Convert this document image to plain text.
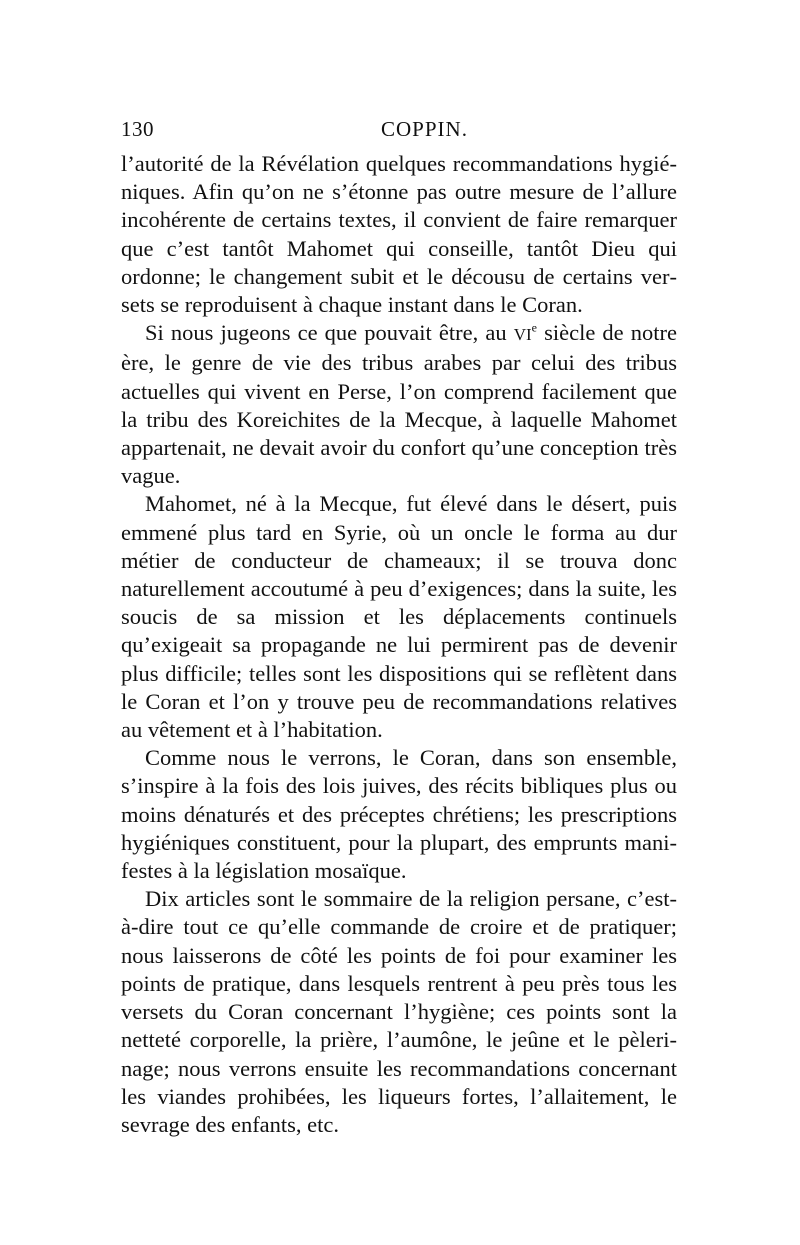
130	COPPIN.

l’autorité de la Révélation quelques recommandations hygiéniques. Afin qu’on ne s’étonne pas outre mesure de l’allure incohérente de certains textes, il convient de faire remarquer que c’est tantôt Mahomet qui conseille, tantôt Dieu qui ordonne; le changement subit et le décousu de certains versets se reproduisent à chaque instant dans le Coran.

Si nous jugeons ce que pouvait être, au VIe siècle de notre ère, le genre de vie des tribus arabes par celui des tribus actuelles qui vivent en Perse, l’on comprend facilement que la tribu des Koreichites de la Mecque, à laquelle Mahomet appartenait, ne devait avoir du confort qu’une conception très vague.

Mahomet, né à la Mecque, fut élevé dans le désert, puis emmené plus tard en Syrie, où un oncle le forma au dur métier de conducteur de chameaux; il se trouva donc naturellement accoutumé à peu d’exigences; dans la suite, les soucis de sa mission et les déplacements continuels qu’exigeait sa propagande ne lui permirent pas de devenir plus difficile; telles sont les dispositions qui se reflètent dans le Coran et l’on y trouve peu de recommandations relatives au vêtement et à l’habitation.

Comme nous le verrons, le Coran, dans son ensemble, s’inspire à la fois des lois juives, des récits bibliques plus ou moins dénaturés et des préceptes chrétiens; les prescriptions hygiéniques constituent, pour la plupart, des emprunts manifestes à la législation mosaïque.

Dix articles sont le sommaire de la religion persane, c’est-à-dire tout ce qu’elle commande de croire et de pratiquer; nous laisserons de côté les points de foi pour examiner les points de pratique, dans lesquels rentrent à peu près tous les versets du Coran concernant l’hygiène; ces points sont la netteté corporelle, la prière, l’aumône, le jeûne et le pèlerinage; nous verrons ensuite les recommandations concernant les viandes prohibées, les liqueurs fortes, l’allaitement, le sevrage des enfants, etc.
